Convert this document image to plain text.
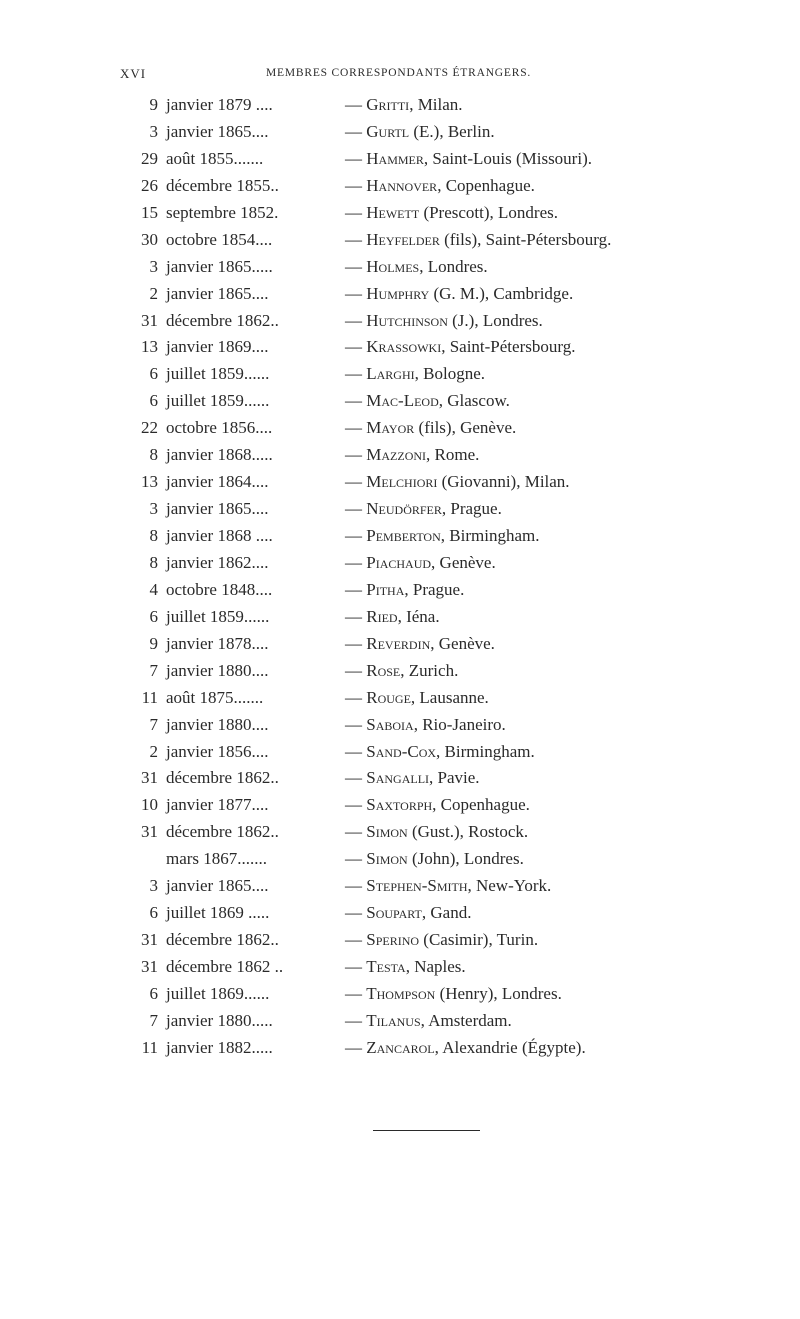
XVI	MEMBRES CORRESPONDANTS ÉTRANGERS.
9 janvier 1879 ....	— Gritti, Milan.
3 janvier 1865....	— Gurtl (E.), Berlin.
29 août 1855.......	— Hammer, Saint-Louis (Missouri).
26 décembre 1855..	— Hannover, Copenhague.
15 septembre 1852.	— Hewett (Prescott), Londres.
30 octobre 1854....	— Heyfelder (fils), Saint-Pétersbourg.
3 janvier 1865.....	— Holmes, Londres.
2 janvier 1865....	— Humphry (G. M.), Cambridge.
31 décembre 1862..	— Hutchinson (J.), Londres.
13 janvier 1869....	— Krassowki, Saint-Pétersbourg.
6 juillet 1859......	— Larghi, Bologne.
6 juillet 1859......	— Mac-Leod, Glascow.
22 octobre 1856....	— Mayor (fils), Genève.
8 janvier 1868.....	— Mazzoni, Rome.
13 janvier 1864....	— Melchiori (Giovanni), Milan.
3 janvier 1865....	— Neudörfer, Prague.
8 janvier 1868 ....	— Pemberton, Birmingham.
8 janvier 1862....	— Piachaud, Genève.
4 octobre 1848....	— Pitha, Prague.
6 juillet 1859......	— Ried, Iéna.
9 janvier 1878....	— Reverdin, Genève.
7 janvier 1880....	— Rose, Zurich.
11 août 1875.......	— Rouge, Lausanne.
7 janvier 1880....	— Saboia, Rio-Janeiro.
2 janvier 1856....	— Sand-Cox, Birmingham.
31 décembre 1862..	— Sangalli, Pavie.
10 janvier 1877....	— Saxtorph, Copenhague.
31 décembre 1862..	— Simon (Gust.), Rostock.
mars 1867.......	— Simon (John), Londres.
3 janvier 1865....	— Stephen-Smith, New-York.
6 juillet 1869 .....	— Soupart, Gand.
31 décembre 1862..	— Sperino (Casimir), Turin.
31 décembre 1862 ..	— Testa, Naples.
6 juillet 1869......	— Thompson (Henry), Londres.
7 janvier 1880.....	— Tilanus, Amsterdam.
11 janvier 1882.....	— Zancarol, Alexandrie (Égypte).
